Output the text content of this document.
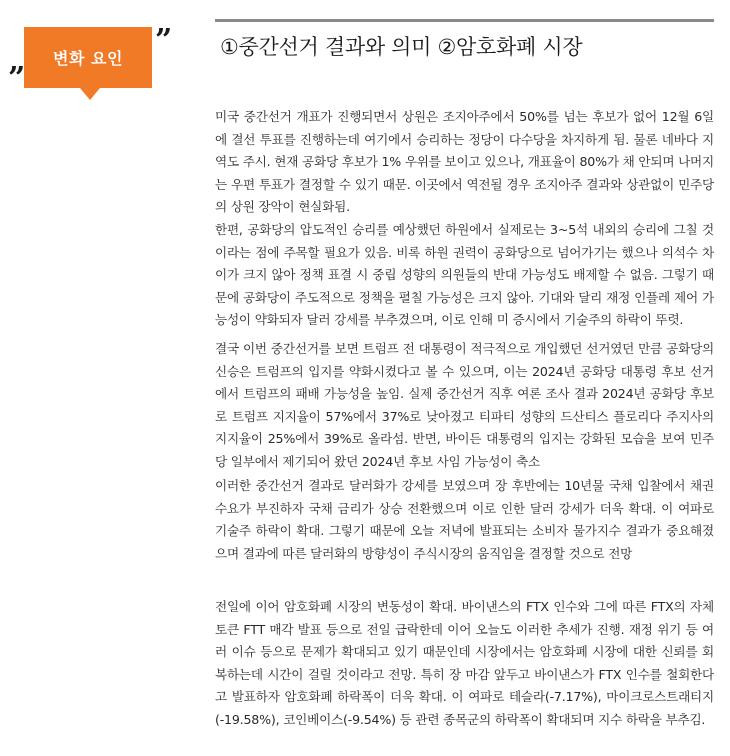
변화 요인
”
”
①중간선거 결과와 의미 ②암호화폐 시장

미국 중간선거 개표가 진행되면서 상원은 조지아주에서 50%를 넘는 후보가 없어 12월 6일에 결선 투표를 진행하는데 여기에서 승리하는 정당이 다수당을 차지하게 됨. 물론 네바다 지역도 주시. 현재 공화당 후보가 1% 우위를 보이고 있으나, 개표율이 80%가 채 안되며 나머지는 우편 투표가 결정할 수 있기 때문. 이곳에서 역전될 경우 조지아주 결과와 상관없이 민주당의 상원 장악이 현실화됨.

한편, 공화당의 압도적인 승리를 예상했던 하원에서 실제로는 3~5석 내외의 승리에 그칠 것이라는 점에 주목할 필요가 있음. 비록 하원 권력이 공화당으로 넘어가기는 했으나 의석수 차이가 크지 않아 정책 표결 시 중립 성향의 의원들의 반대 가능성도 배제할 수 없음. 그렇기 때문에 공화당이 주도적으로 정책을 펼칠 가능성은 크지 않아. 기대와 달리 재정 인플레 제어 가능성이 약화되자 달러 강세를 부추겼으며, 이로 인해 미 증시에서 기술주의 하락이 뚜렷.

결국 이번 중간선거를 보면 트럼프 전 대통령이 적극적으로 개입했던 선거였던 만큼 공화당의 신승은 트럼프의 입지를 약화시켰다고 볼 수 있으며, 이는 2024년 공화당 대통령 후보 선거에서 트럼프의 패배 가능성을 높임. 실제 중간선거 직후 여론 조사 결과 2024년 공화당 후보로 트럼프 지지율이 57%에서 37%로 낮아졌고 티파티 성향의 드산티스 플로리다 주지사의 지지율이 25%에서 39%로 올라섬. 반면, 바이든 대통령의 입지는 강화된 모습을 보여 민주당 일부에서 제기되어 왔던 2024년 후보 사임 가능성이 축소

이러한 중간선거 결과로 달러화가 강세를 보였으며 장 후반에는 10년물 국채 입찰에서 채권 수요가 부진하자 국채 금리가 상승 전환했으며 이로 인한 달러 강세가 더욱 확대. 이 여파로 기술주 하락이 확대. 그렇기 때문에 오늘 저녁에 발표되는 소비자 물가지수 결과가 중요해졌으며 결과에 따른 달러화의 방향성이 주식시장의 움직임을 결정할 것으로 전망

전일에 이어 암호화폐 시장의 변동성이 확대. 바이낸스의 FTX 인수와 그에 따른 FTX의 자체 토큰 FTT 매각 발표 등으로 전일 급락한데 이어 오늘도 이러한 추세가 진행. 재정 위기 등 여러 이슈 등으로 문제가 확대되고 있기 때문인데 시장에서는 암호화폐 시장에 대한 신뢰를 회복하는데 시간이 걸릴 것이라고 전망. 특히 장 마감 앞두고 바이낸스가 FTX 인수를 철회한다고 발표하자 암호화폐 하락폭이 더욱 확대. 이 여파로 테슬라(-7.17%), 마이크로스트래티지(-19.58%), 코인베이스(-9.54%) 등 관련 종목군의 하락폭이 확대되며 지수 하락을 부추김.
